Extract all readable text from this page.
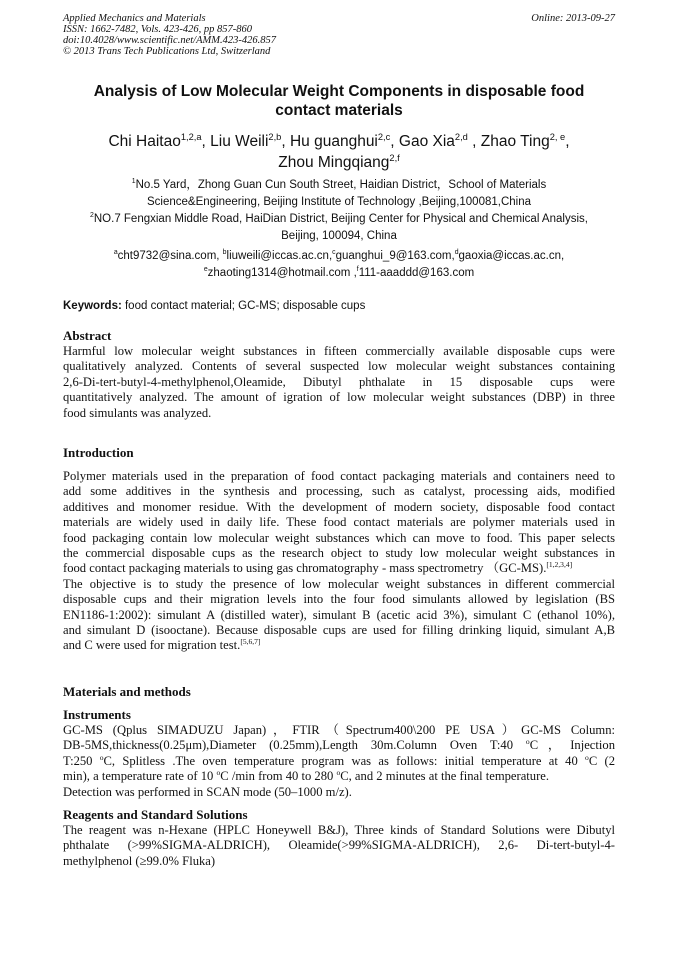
Applied Mechanics and Materials
ISSN: 1662-7482, Vols. 423-426, pp 857-860
doi:10.4028/www.scientific.net/AMM.423-426.857
© 2013 Trans Tech Publications Ltd, Switzerland
Online: 2013-09-27
Analysis of Low Molecular Weight Components in disposable food
contact materials
Chi Haitao$^{1,2,a}$, Liu Weili$^{2,b}$, Hu guanghui$^{2,c}$, Gao Xia$^{2,d}$ , Zhao Ting$^{2, e}$,
Zhou Mingqiang$^{2,f}$
$^1$No.5 Yard，Zhong Guan Cun South Street, Haidian District，School of Materials
Science&Engineering, Beijing Institute of Technology ,Beijing,100081,China
$^2$NO.7 Fengxian Middle Road, HaiDian District, Beijing Center for Physical and Chemical Analysis,
Beijing, 100094, China
$^a$cht9732@sina.com, $^b$liuweili@iccas.ac.cn,$^c$guanghui_9@163.com,$^d$gaoxia@iccas.ac.cn,
$^e$zhaoting1314@hotmail.com ,$^f$111-aaaddd@163.com
Keywords: food contact material; GC-MS; disposable cups
Abstract
Harmful low molecular weight substances in fifteen commercially available disposable cups were
qualitatively analyzed. Contents of several suspected low molecular weight substances containing
2,6-Di-tert-butyl-4-methylphenol,Oleamide, Dibutyl phthalate in 15 disposable cups were
quantitatively analyzed. The amount of igration of low molecular weight substances (DBP) in three
food simulants was analyzed.
Introduction
Polymer materials used in the preparation of food contact packaging materials and containers need to
add some additives in the synthesis and processing, such as catalyst, processing aids, modified
additives and monomer residue. With the development of modern society, disposable food contact
materials are widely used in daily life. These food contact materials are polymer materials used in
food packaging contain low molecular weight substances which can move to food. This paper selects
the commercial disposable cups as the research object to study low molecular weight substances in
food contact packaging materials to using gas chromatography - mass spectrometry （GC-MS).[1,2,3,4]
The objective is to study the presence of low molecular weight substances in different commercial
disposable cups and their migration levels into the four food simulants allowed by legislation (BS
EN1186-1:2002): simulant A (distilled water), simulant B (acetic acid 3%), simulant C (ethanol 10%),
and simulant D (isooctane). Because disposable cups are used for filling drinking liquid, simulant A,B
and C were used for migration test.[5,6,7]
Materials and methods
Instruments
GC-MS (Qplus SIMADUZU Japan)，FTIR（Spectrum400\200 PE USA）GC-MS Column:
DB-5MS,thickness(0.25μm),Diameter (0.25mm),Length 30m.Column Oven T:40 $^o$C，Injection
T:250 $^o$C, Splitless .The oven temperature program was as follows: initial temperature at 40 $^o$C (2
min), a temperature rate of 10 $^o$C /min from 40 to 280 $^o$C, and 2 minutes at the final temperature.
Detection was performed in SCAN mode (50–1000 m/z).
Reagents and Standard Solutions
The reagent was n-Hexane (HPLC Honeywell B&J), Three kinds of Standard Solutions were Dibutyl
phthalate (>99%SIGMA-ALDRICH), Oleamide(>99%SIGMA-ALDRICH), 2,6- Di-tert-butyl-4-
methylphenol (≥99.0% Fluka)
